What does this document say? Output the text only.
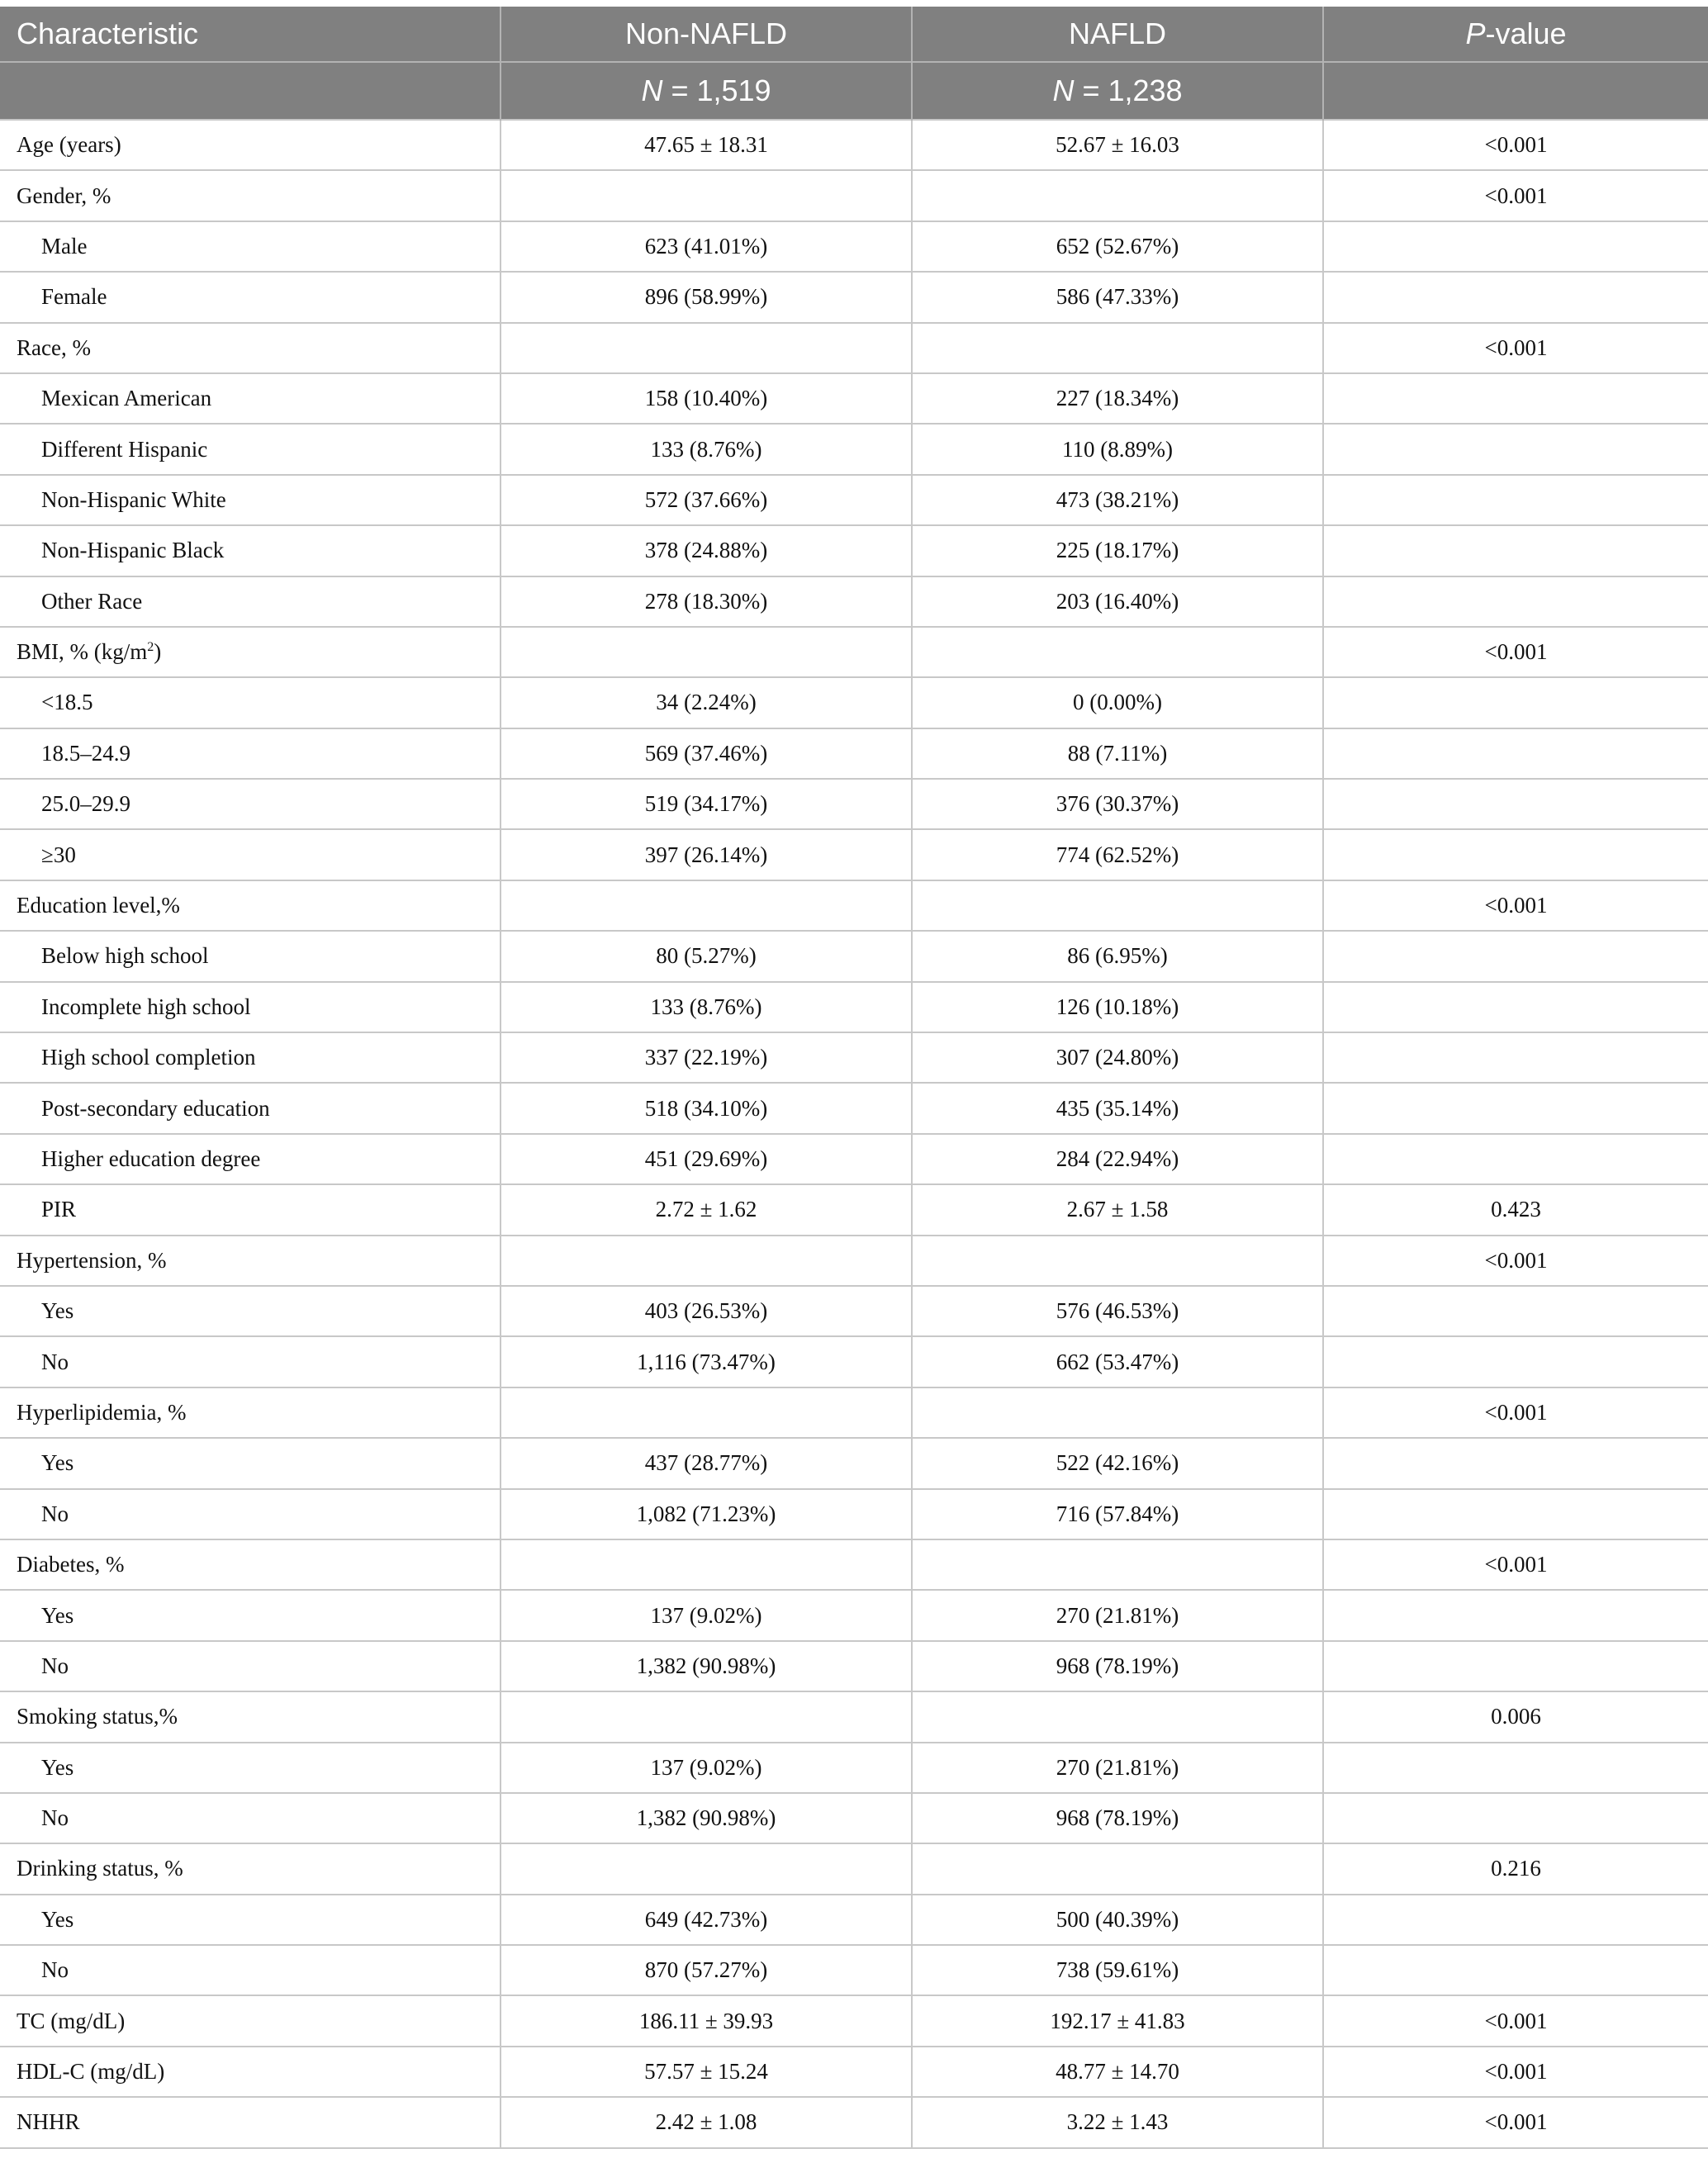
Characteristic	Non-NAFLD	NAFLD	P-value
	N = 1,519	N = 1,238	
Age (years)	47.65 ± 18.31	52.67 ± 16.03	<0.001
Gender, %			<0.001
Male	623 (41.01%)	652 (52.67%)	
Female	896 (58.99%)	586 (47.33%)	
Race, %			<0.001
Mexican American	158 (10.40%)	227 (18.34%)	
Different Hispanic	133 (8.76%)	110 (8.89%)	
Non-Hispanic White	572 (37.66%)	473 (38.21%)	
Non-Hispanic Black	378 (24.88%)	225 (18.17%)	
Other Race	278 (18.30%)	203 (16.40%)	
BMI, % $(kg/m^2)$			<0.001
<18.5	34 (2.24%)	0 (0.00%)	
18.5–24.9	569 (37.46%)	88 (7.11%)	
25.0–29.9	519 (34.17%)	376 (30.37%)	
≥30	397 (26.14%)	774 (62.52%)	
Education level,%			<0.001
Below high school	80 (5.27%)	86 (6.95%)	
Incomplete high school	133 (8.76%)	126 (10.18%)	
High school completion	337 (22.19%)	307 (24.80%)	
Post-secondary education	518 (34.10%)	435 (35.14%)	
Higher education degree	451 (29.69%)	284 (22.94%)	
PIR	2.72 ± 1.62	2.67 ± 1.58	0.423
Hypertension, %			<0.001
Yes	403 (26.53%)	576 (46.53%)	
No	1,116 (73.47%)	662 (53.47%)	
Hyperlipidemia, %			<0.001
Yes	437 (28.77%)	522 (42.16%)	
No	1,082 (71.23%)	716 (57.84%)	
Diabetes, %			<0.001
Yes	137 (9.02%)	270 (21.81%)	
No	1,382 (90.98%)	968 (78.19%)	
Smoking status,%			0.006
Yes	137 (9.02%)	270 (21.81%)	
No	1,382 (90.98%)	968 (78.19%)	
Drinking status, %			0.216
Yes	649 (42.73%)	500 (40.39%)	
No	870 (57.27%)	738 (59.61%)	
TC (mg/dL)	186.11 ± 39.93	192.17 ± 41.83	<0.001
HDL-C (mg/dL)	57.57 ± 15.24	48.77 ± 14.70	<0.001
NHHR	2.42 ± 1.08	3.22 ± 1.43	<0.001
